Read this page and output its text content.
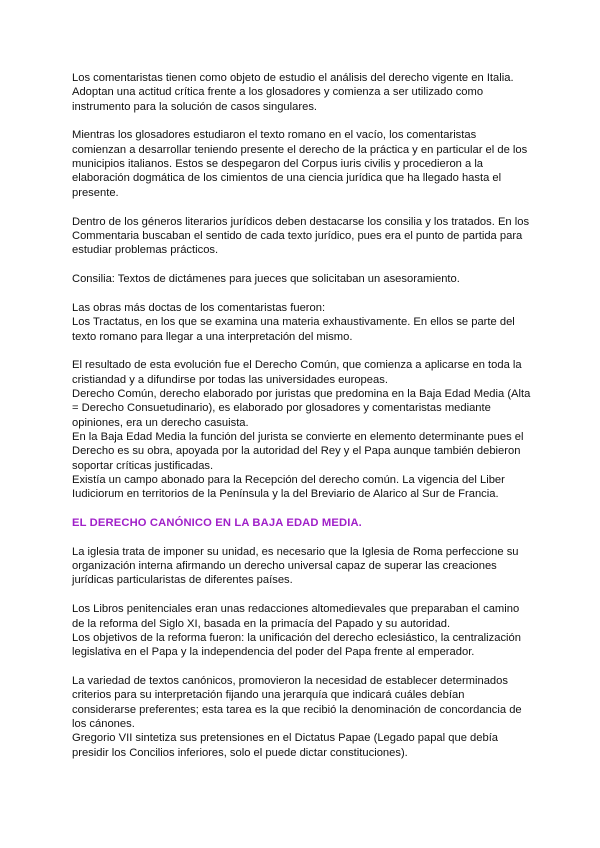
Los comentaristas tienen como objeto de estudio el análisis del derecho vigente en Italia.
Adoptan una actitud crítica frente a los glosadores y comienza a ser utilizado como
instrumento para la solución de casos singulares.

Mientras los glosadores estudiaron el texto romano en el vacío, los comentaristas
comienzan a desarrollar teniendo presente el derecho de la práctica y en particular el de los
municipios italianos. Estos se despegaron del Corpus iuris civilis y procedieron a la
elaboración dogmática de los cimientos de una ciencia jurídica que ha llegado hasta el
presente.

Dentro de los géneros literarios jurídicos deben destacarse los consilia y los tratados. En los
Commentaria buscaban el sentido de cada texto jurídico, pues era el punto de partida para
estudiar problemas prácticos.

Consilia: Textos de dictámenes para jueces que solicitaban un asesoramiento.

Las obras más doctas de los comentaristas fueron:
Los Tractatus, en los que se examina una materia exhaustivamente. En ellos se parte del
texto romano para llegar a una interpretación del mismo.

El resultado de esta evolución fue el Derecho Común, que comienza a aplicarse en toda la
cristiandad y a difundirse por todas las universidades europeas.
Derecho Común, derecho elaborado por juristas que predomina en la Baja Edad Media (Alta
= Derecho Consuetudinario), es elaborado por glosadores y comentaristas mediante
opiniones, era un derecho casuista.
En la Baja Edad Media la función del jurista se convierte en elemento determinante pues el
Derecho es su obra, apoyada por la autoridad del Rey y el Papa aunque también debieron
soportar críticas justificadas.
Existía un campo abonado para la Recepción del derecho común. La vigencia del Liber
Iudiciorum en territorios de la Península y la del Breviario de Alarico al Sur de Francia.

EL DERECHO CANÓNICO EN LA BAJA EDAD MEDIA.

La iglesia trata de imponer su unidad, es necesario que la Iglesia de Roma perfeccione su
organización interna afirmando un derecho universal capaz de superar las creaciones
jurídicas particularistas de diferentes países.

Los Libros penitenciales eran unas redacciones altomedievales que preparaban el camino
de la reforma del Siglo XI, basada en la primacía del Papado y su autoridad.
Los objetivos de la reforma fueron: la unificación del derecho eclesiástico, la centralización
legislativa en el Papa y la independencia del poder del Papa frente al emperador.

La variedad de textos canónicos, promovieron la necesidad de establecer determinados
criterios para su interpretación fijando una jerarquía que indicará cuáles debían
considerarse preferentes; esta tarea es la que recibió la denominación de concordancia de
los cánones.
Gregorio VII sintetiza sus pretensiones en el Dictatus Papae (Legado papal que debía
presidir los Concilios inferiores, solo el puede dictar constituciones).
